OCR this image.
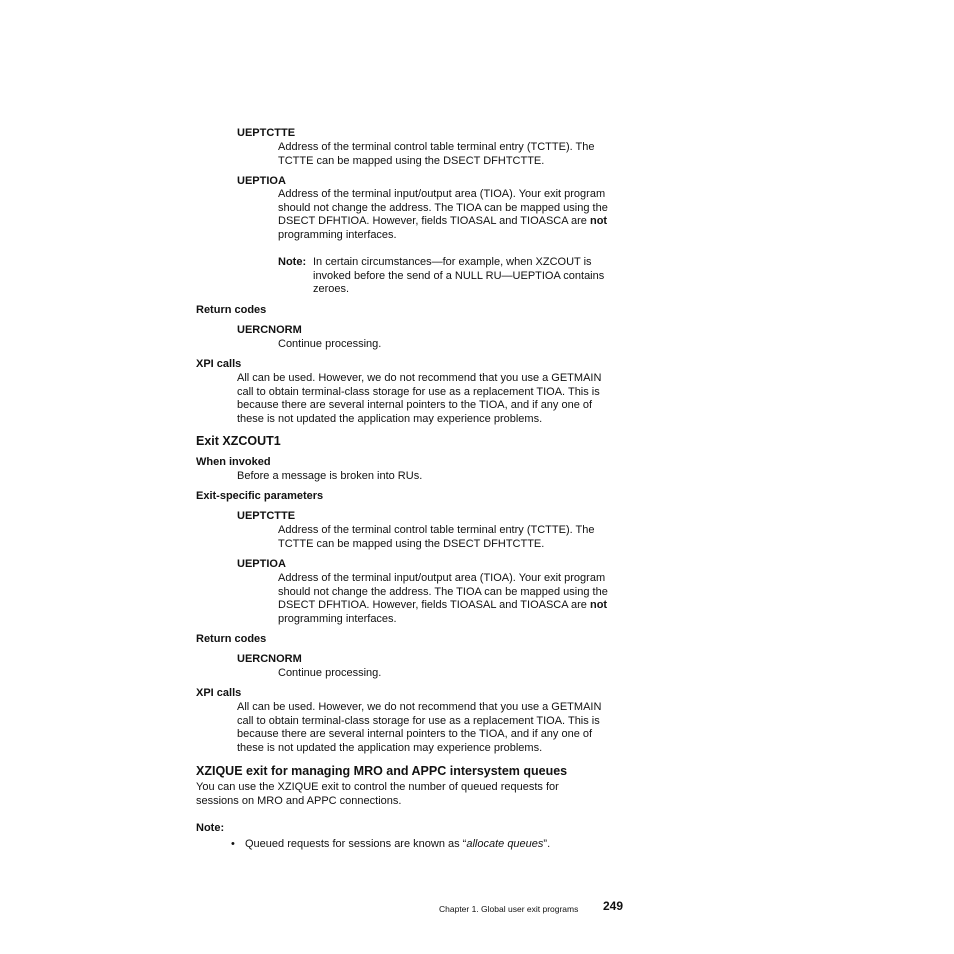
UEPTCTTE
Address of the terminal control table terminal entry (TCTTE). The
TCTTE can be mapped using the DSECT DFHTCTTE.
UEPTIOA
Address of the terminal input/output area (TIOA). Your exit program
should not change the address. The TIOA can be mapped using the
DSECT DFHTIOA. However, fields TIOASAL and TIOASCA are not
programming interfaces.
Note: In certain circumstances—for example, when XZCOUT is
invoked before the send of a NULL RU—UEPTIOA contains
zeroes.
Return codes
UERCNORM
Continue processing.
XPI calls
All can be used. However, we do not recommend that you use a GETMAIN
call to obtain terminal-class storage for use as a replacement TIOA. This is
because there are several internal pointers to the TIOA, and if any one of
these is not updated the application may experience problems.
Exit XZCOUT1
When invoked
Before a message is broken into RUs.
Exit-specific parameters
UEPTCTTE
Address of the terminal control table terminal entry (TCTTE). The
TCTTE can be mapped using the DSECT DFHTCTTE.
UEPTIOA
Address of the terminal input/output area (TIOA). Your exit program
should not change the address. The TIOA can be mapped using the
DSECT DFHTIOA. However, fields TIOASAL and TIOASCA are not
programming interfaces.
Return codes
UERCNORM
Continue processing.
XPI calls
All can be used. However, we do not recommend that you use a GETMAIN
call to obtain terminal-class storage for use as a replacement TIOA. This is
because there are several internal pointers to the TIOA, and if any one of
these is not updated the application may experience problems.
XZIQUE exit for managing MRO and APPC intersystem queues
You can use the XZIQUE exit to control the number of queued requests for
sessions on MRO and APPC connections.
Note:
• Queued requests for sessions are known as “allocate queues”.
Chapter 1. Global user exit programs 249
